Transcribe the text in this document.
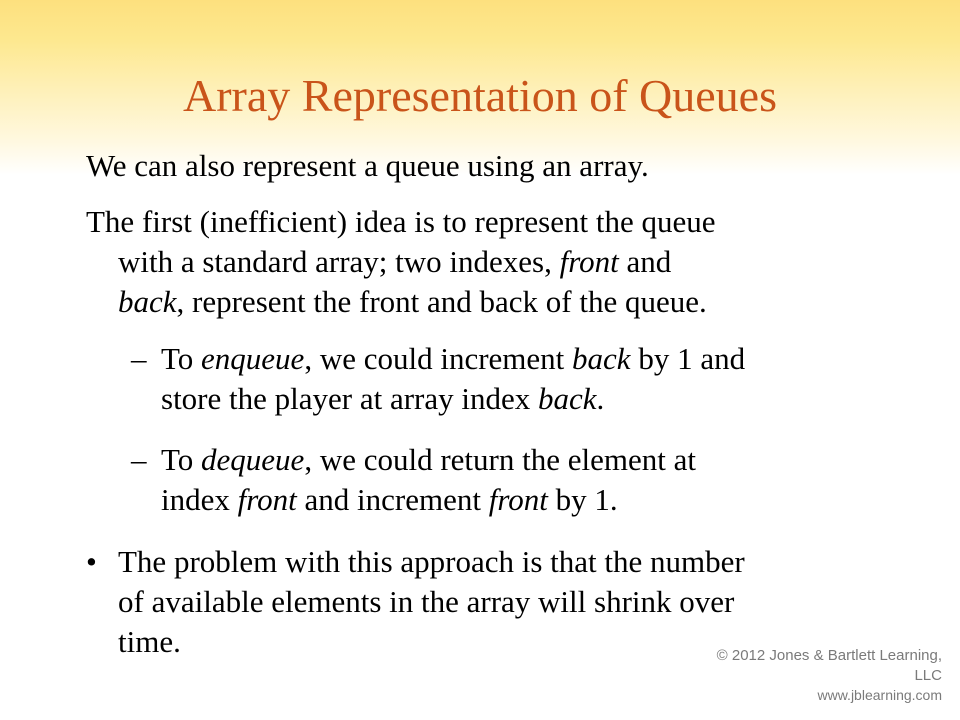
Array Representation of Queues
We can also represent a queue using an array.
The first (inefficient) idea is to represent the queue
with a standard array; two indexes, front and
back, represent the front and back of the queue.
– To enqueue, we could increment back by 1 and
store the player at array index back.
– To dequeue, we could return the element at
index front and increment front by 1.
• The problem with this approach is that the number
of available elements in the array will shrink over
time.	© 2012 Jones & Bartlett Learning, LLC
www.jblearning.com
